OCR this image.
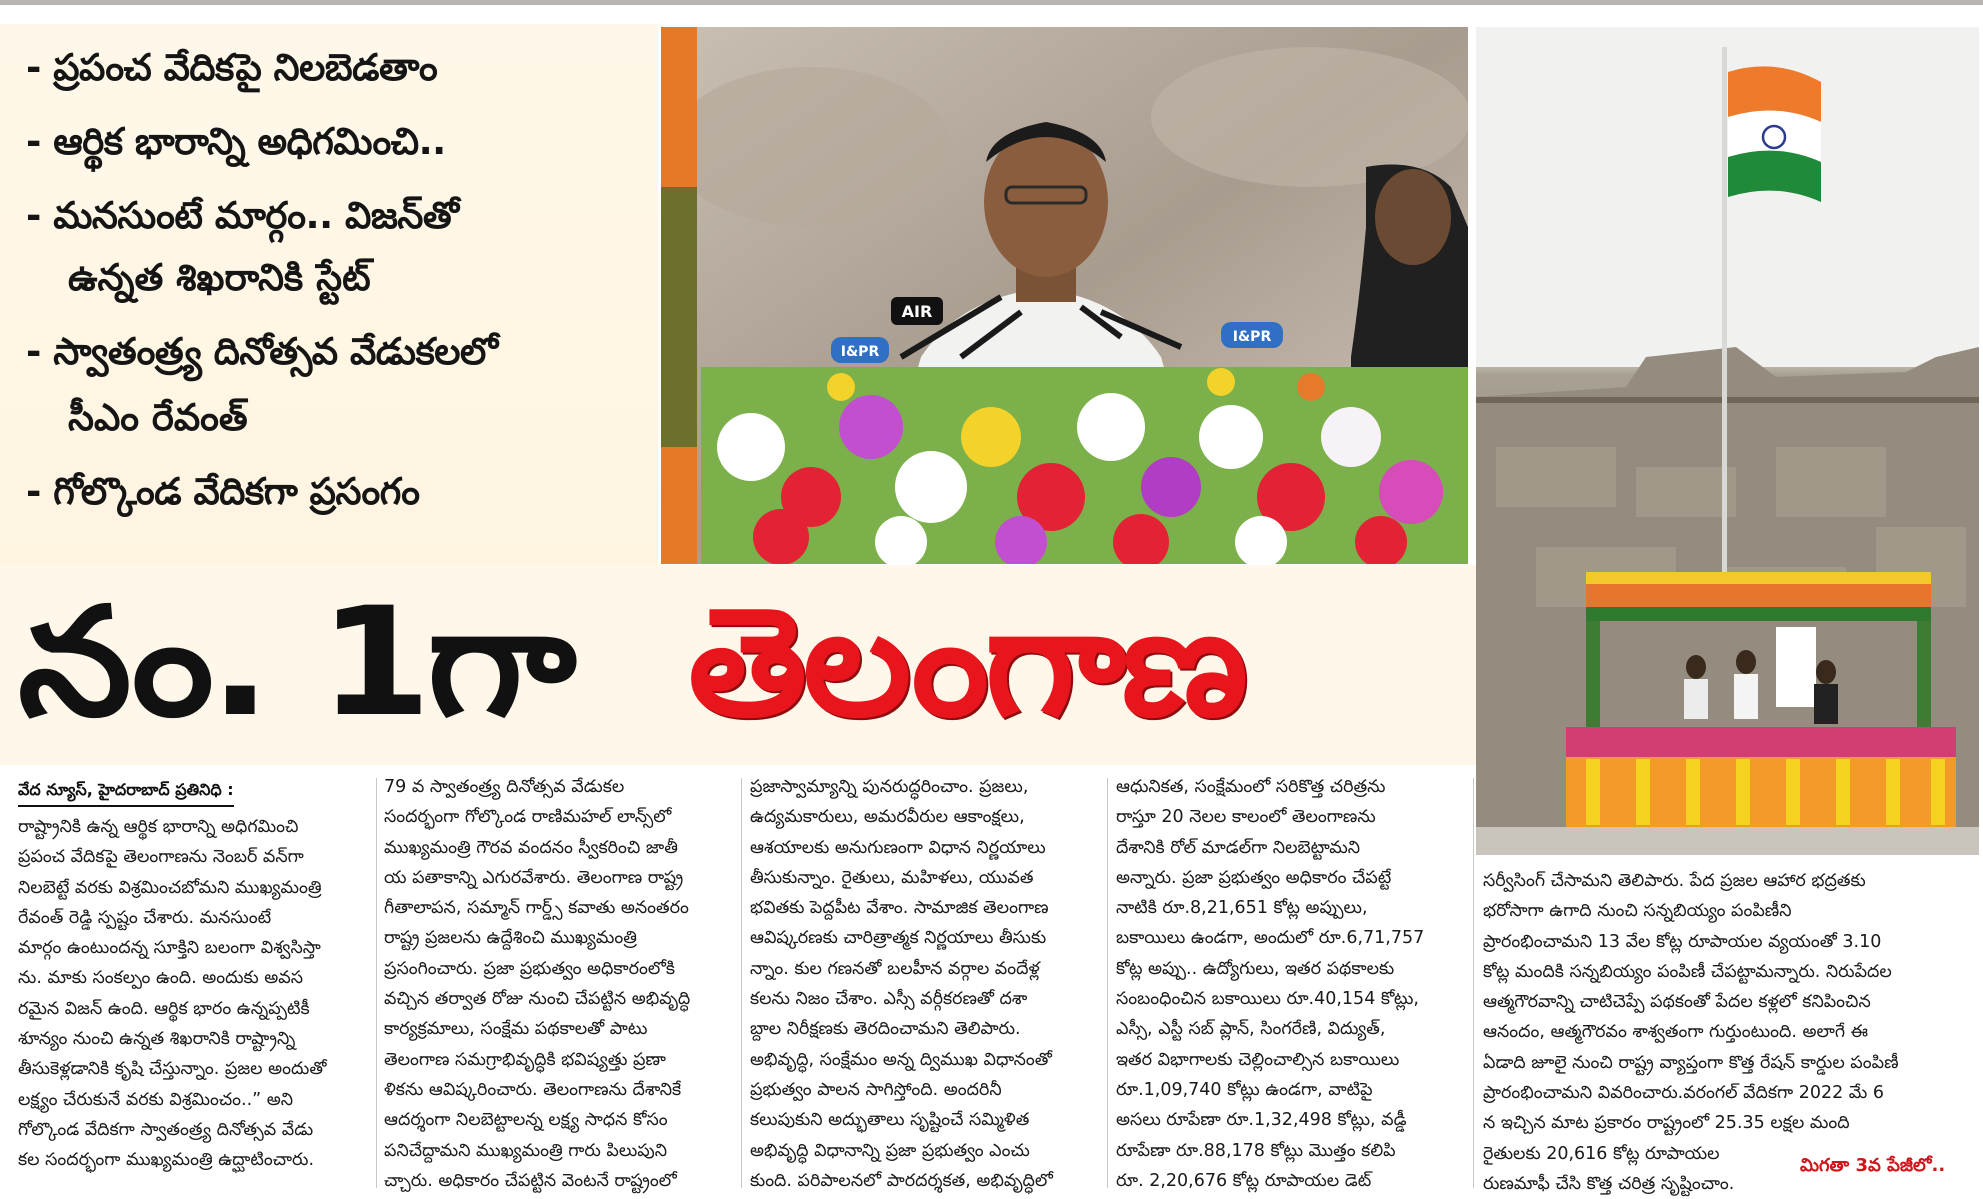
- ప్రపంచ వేదికపై నిలబెడతాం
- ఆర్థిక భారాన్ని అధిగమించి..
- మనసుంటే మార్గం.. విజన్‌తో
ఉన్నత శిఖరానికి స్టేట్
- స్వాతంత్ర్య దినోత్సవ వేడుకలలో
సీఎం రేవంత్
- గోల్కొండ వేదికగా ప్రసంగం
AIR
I&PR
I&PR
నం. 1గా తెలంగాణ
వేద న్యూస్, హైదరాబాద్ ప్రతినిధి :
రాష్ట్రానికి ఉన్న ఆర్థిక భారాన్ని అధిగమించి
ప్రపంచ వేదికపై తెలంగాణను నెంబర్ వన్‌గా
నిలబెట్టే వరకు విశ్రమించబోమని ముఖ్యమంత్రి
రేవంత్ రెడ్డి స్పష్టం చేశారు. మనసుంటే
మార్గం ఉంటుందన్న సూక్తిని బలంగా విశ్వసిస్తా
ను. మాకు సంకల్పం ఉంది. అందుకు అవస
రమైన విజన్ ఉంది. ఆర్థిక భారం ఉన్నప్పటికీ
శూన్యం నుంచి ఉన్నత శిఖరానికి రాష్ట్రాన్ని
తీసుకెళ్లడానికి కృషి చేస్తున్నాం. ప్రజల అందుతో
లక్ష్యం చేరుకునే వరకు విశ్రమించం..” అని
గోల్కొండ వేదికగా స్వాతంత్ర్య దినోత్సవ వేడు
కల సందర్భంగా ముఖ్యమంత్రి ఉద్ఘాటించారు.
79 వ స్వాతంత్ర్య దినోత్సవ వేడుకల
సందర్భంగా గోల్కొండ రాణిమహల్ లాన్స్‌లో
ముఖ్యమంత్రి గౌరవ వందనం స్వీకరించి జాతీ
య పతాకాన్ని ఎగురవేశారు. తెలంగాణ రాష్ట్ర
గీతాలాపన, సమ్మాన్ గార్డ్స్ కవాతు అనంతరం
రాష్ట్ర ప్రజలను ఉద్దేశించి ముఖ్యమంత్రి
ప్రసంగించారు. ప్రజా ప్రభుత్వం అధికారంలోకి
వచ్చిన తర్వాత రోజు నుంచి చేపట్టిన అభివృద్ధి
కార్యక్రమాలు, సంక్షేమ పథకాలతో పాటు
తెలంగాణ సమగ్రాభివృద్ధికి భవిష్యత్తు ప్రణా
ళికను ఆవిష్కరించారు. తెలంగాణను దేశానికే
ఆదర్శంగా నిలబెట్టాలన్న లక్ష్య సాధన కోసం
పనిచేద్దామని ముఖ్యమంత్రి గారు పిలుపుని
చ్చారు. అధికారం చేపట్టిన వెంటనే రాష్ట్రంలో
ప్రజాస్వామ్యాన్ని పునరుద్ధరించాం. ప్రజలు,
ఉద్యమకారులు, అమరవీరుల ఆకాంక్షలు,
ఆశయాలకు అనుగుణంగా విధాన నిర్ణయాలు
తీసుకున్నాం. రైతులు, మహిళలు, యువత
భవితకు పెద్దపీట వేశాం. సామాజిక తెలంగాణ
ఆవిష్కరణకు చారిత్రాత్మక నిర్ణయాలు తీసుకు
న్నాం. కుల గణనతో బలహీన వర్గాల వందేళ్ల
కలను నిజం చేశాం. ఎస్సీ వర్గీకరణతో దశా
బ్దాల నిరీక్షణకు తెరదించామని తెలిపారు.
అభివృద్ధి, సంక్షేమం అన్న ద్విముఖ విధానంతో
ప్రభుత్వం పాలన సాగిస్తోంది. అందరినీ
కలుపుకుని అద్భుతాలు సృష్టించే సమ్మిళిత
అభివృద్ధి విధానాన్ని ప్రజా ప్రభుత్వం ఎంచు
కుంది. పరిపాలనలో పారదర్శకత, అభివృద్ధిలో
ఆధునికత, సంక్షేమంలో సరికొత్త చరిత్రను
రాస్తూ 20 నెలల కాలంలో తెలంగాణను
దేశానికి రోల్ మాడల్‌గా నిలబెట్టామని
అన్నారు. ప్రజా ప్రభుత్వం అధికారం చేపట్టే
నాటికి రూ.8,21,651 కోట్ల అప్పులు,
బకాయిలు ఉండగా, అందులో రూ.6,71,757
కోట్ల అప్పు.. ఉద్యోగులు, ఇతర పథకాలకు
సంబంధించిన బకాయిలు రూ.40,154 కోట్లు,
ఎస్సీ, ఎస్టీ సబ్ ప్లాన్, సింగరేణి, విద్యుత్,
ఇతర విభాగాలకు చెల్లించాల్సిన బకాయిలు
రూ.1,09,740 కోట్లు ఉండగా, వాటిపై
అసలు రూపేణా రూ.1,32,498 కోట్లు, వడ్డీ
రూపేణా రూ.88,178 కోట్లు మొత్తం కలిపి
రూ. 2,20,676 కోట్ల రూపాయల డెట్
సర్వీసింగ్ చేసామని తెలిపారు. పేద ప్రజల ఆహార భద్రతకు
భరోసాగా ఉగాది నుంచి సన్నబియ్యం పంపిణీని
ప్రారంభించామని 13 వేల కోట్ల రూపాయల వ్యయంతో 3.10
కోట్ల మందికి సన్నబియ్యం పంపిణీ చేపట్టామన్నారు. నిరుపేదల
ఆత్మగౌరవాన్ని చాటిచెప్పే పథకంతో పేదల కళ్లలో కనిపించిన
ఆనందం, ఆత్మగౌరవం శాశ్వతంగా గుర్తుంటుంది. అలాగే ఈ
ఏడాది జూలై నుంచి రాష్ట్ర వ్యాప్తంగా కొత్త రేషన్ కార్డుల పంపిణీ
ప్రారంభించామని వివరించారు.వరంగల్ వేదికగా 2022 మే 6
న ఇచ్చిన మాట ప్రకారం రాష్ట్రంలో 25.35 లక్షల మంది
రైతులకు 20,616 కోట్ల రూపాయల
రుణమాఫీ చేసి కొత్త చరిత్ర సృష్టించాం.
మిగతా 3వ పేజీలో..
